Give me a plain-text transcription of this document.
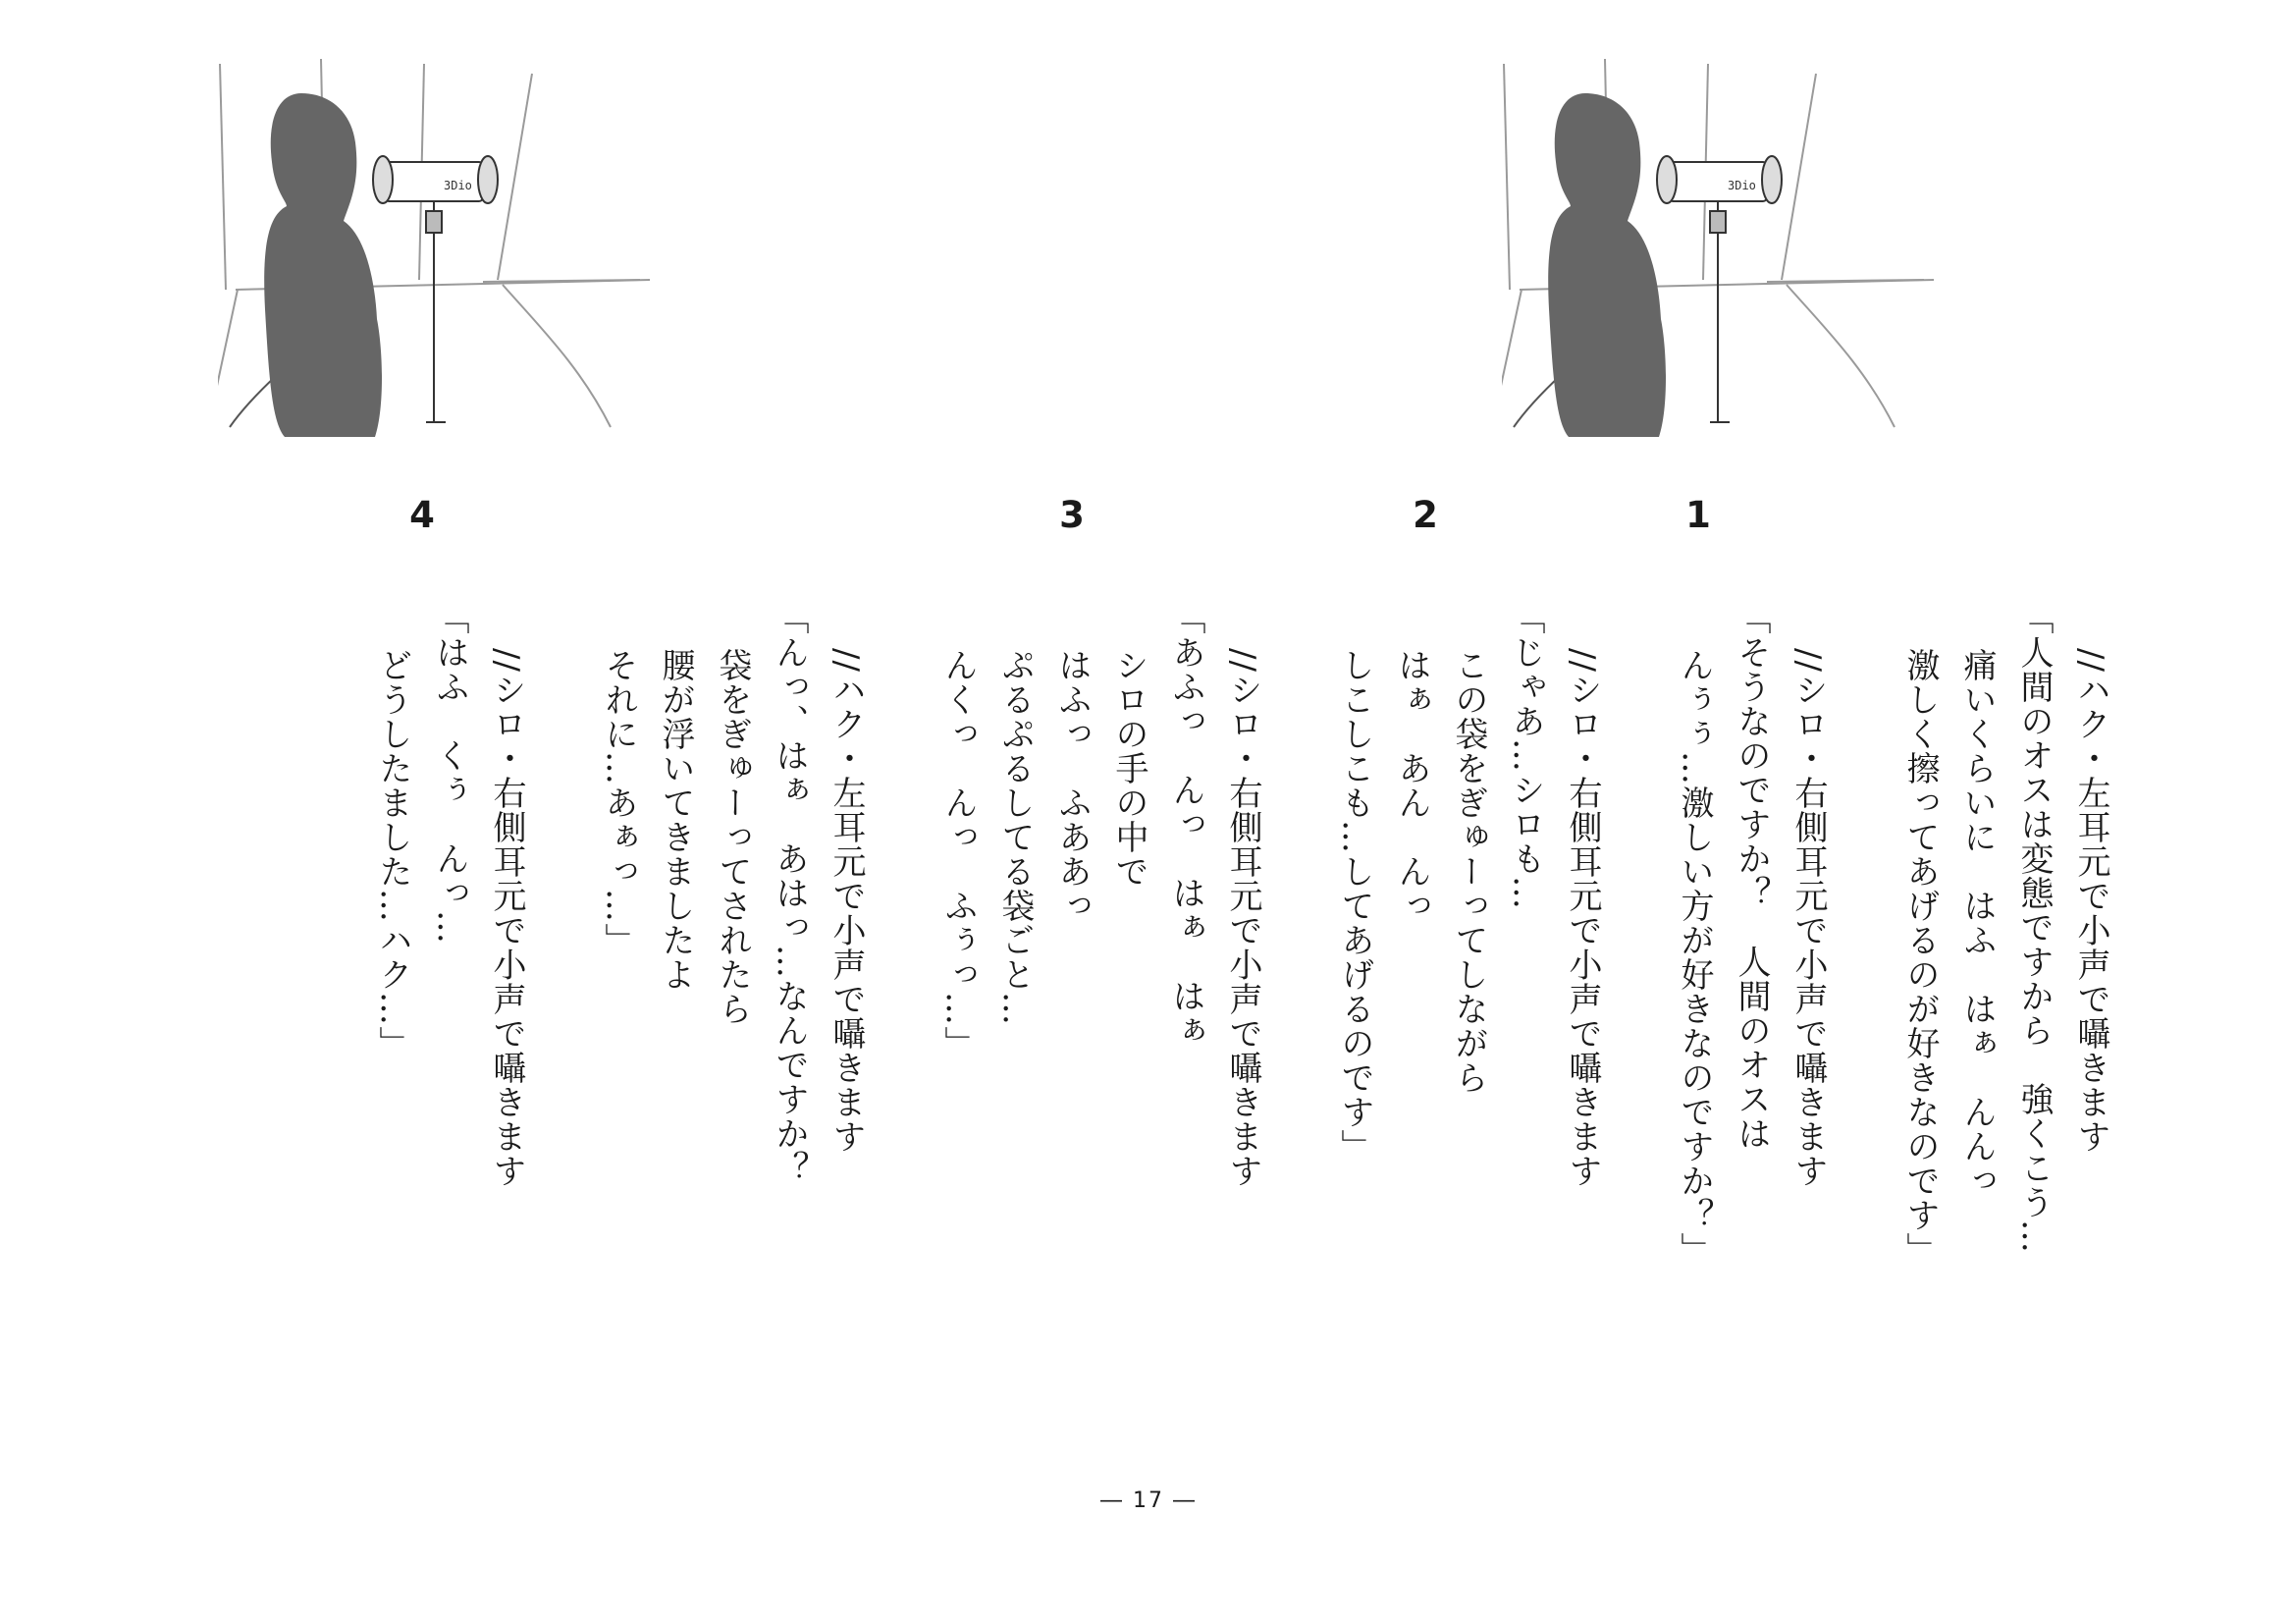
3Dio	3Dio
1
2
3
4
//ハク・左耳元で小声で囁きます
「人間のオスは変態ですから　強くこう…
痛いくらいに　はふ　はぁ　んんっ
激しく擦ってあげるのが好きなのです」
//シロ・右側耳元で小声で囁きます
「そうなのですか？　人間のオスは
んぅぅ…激しい方が好きなのですか？」
//シロ・右側耳元で小声で囁きます
「じゃあ…シロも…
この袋をぎゅーってしながら
はぁ　あん　んっ
しこしこも…してあげるのです」
//シロ・右側耳元で小声で囁きます
「あふっ　んっ　はぁ　はぁ
シロの手の中で
はふっ　ふああっ
ぷるぷるしてる袋ごと…
んくっ　んっ　ふぅっ…」
//ハク・左耳元で小声で囁きます
「んっ、はぁ　あはっ…なんですか？
袋をぎゅーってされたら
腰が浮いてきましたよ
それに…あぁっ…」
//シロ・右側耳元で小声で囁きます
「はふ　くぅ　んっ…
どうしたました…ハク…」
― 17 ―
